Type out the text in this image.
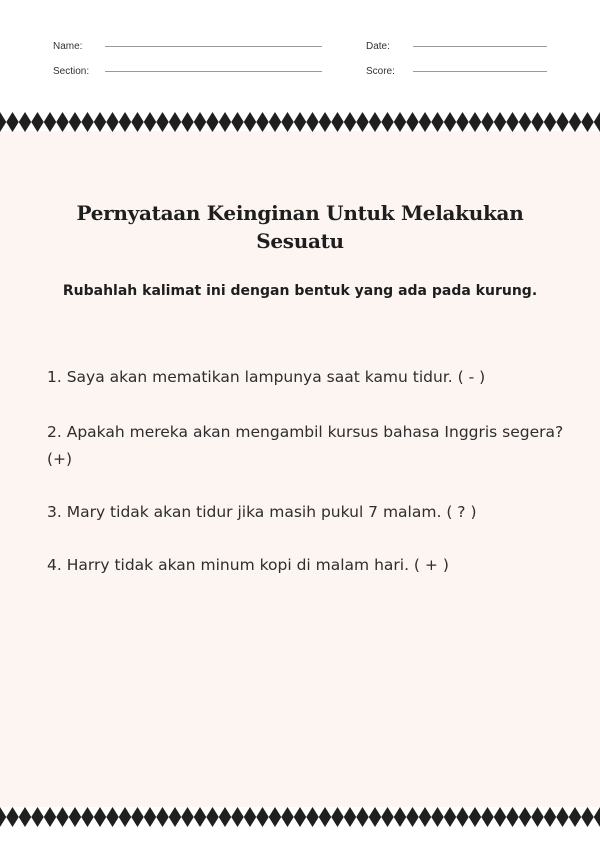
Name:
Section:
Date:
Score:
Pernyataan Keinginan Untuk Melakukan Sesuatu
Rubahlah kalimat ini dengan bentuk yang ada pada kurung.

1. Saya akan mematikan lampunya saat kamu tidur. ( - )

2. Apakah mereka akan mengambil kursus bahasa Inggris segera? (+)

3. Mary tidak akan tidur jika masih pukul 7 malam. ( ? )

4. Harry tidak akan minum kopi di malam hari. ( + )
